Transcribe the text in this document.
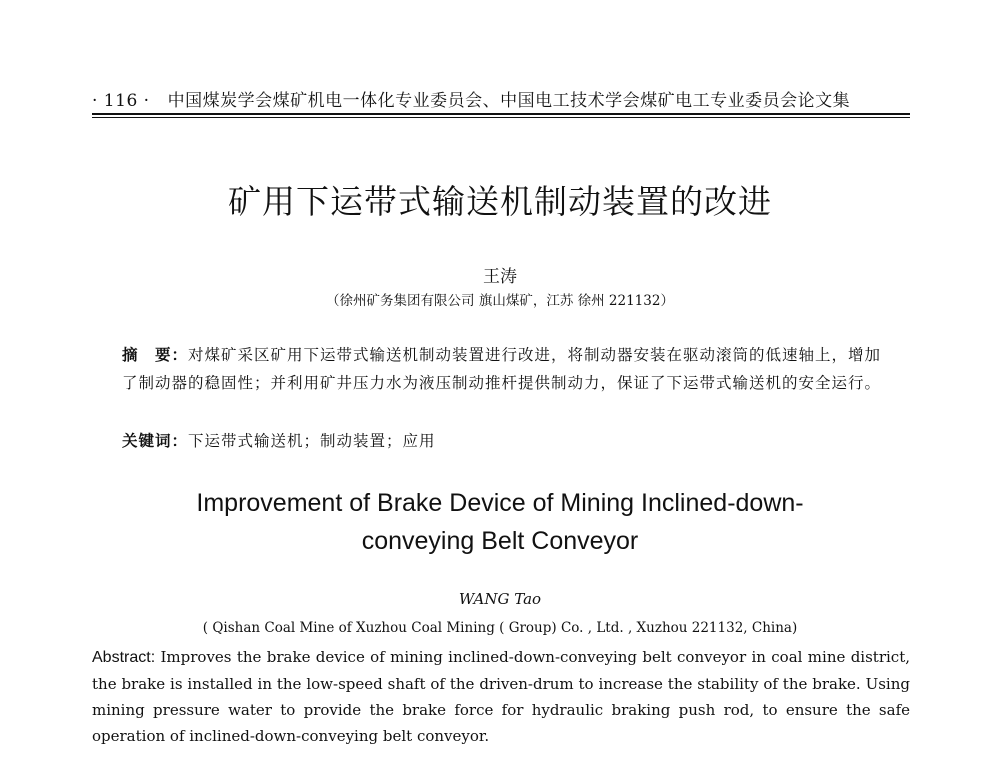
· 116 · 中国煤炭学会煤矿机电一体化专业委员会、中国电工技术学会煤矿电工专业委员会论文集
矿用下运带式输送机制动装置的改进
王涛
（徐州矿务集团有限公司 旗山煤矿，江苏 徐州 221132）
摘　要：对煤矿采区矿用下运带式输送机制动装置进行改进，将制动器安装在驱动滚筒的低速轴上，增加了制动器的稳固性；并利用矿井压力水为液压制动推杆提供制动力，保证了下运带式输送机的安全运行。
关键词：下运带式输送机；制动装置；应用
Improvement of Brake Device of Mining Inclined-down-conveying Belt Conveyor
WANG Tao
( Qishan Coal Mine of Xuzhou Coal Mining ( Group) Co. , Ltd. , Xuzhou 221132, China)
Abstract: Improves the brake device of mining inclined-down-conveying belt conveyor in coal mine district, the brake is installed in the low-speed shaft of the driven-drum to increase the stability of the brake. Using mining pressure water to provide the brake force for hydraulic braking push rod, to ensure the safe operation of inclined-down-conveying belt conveyor.
